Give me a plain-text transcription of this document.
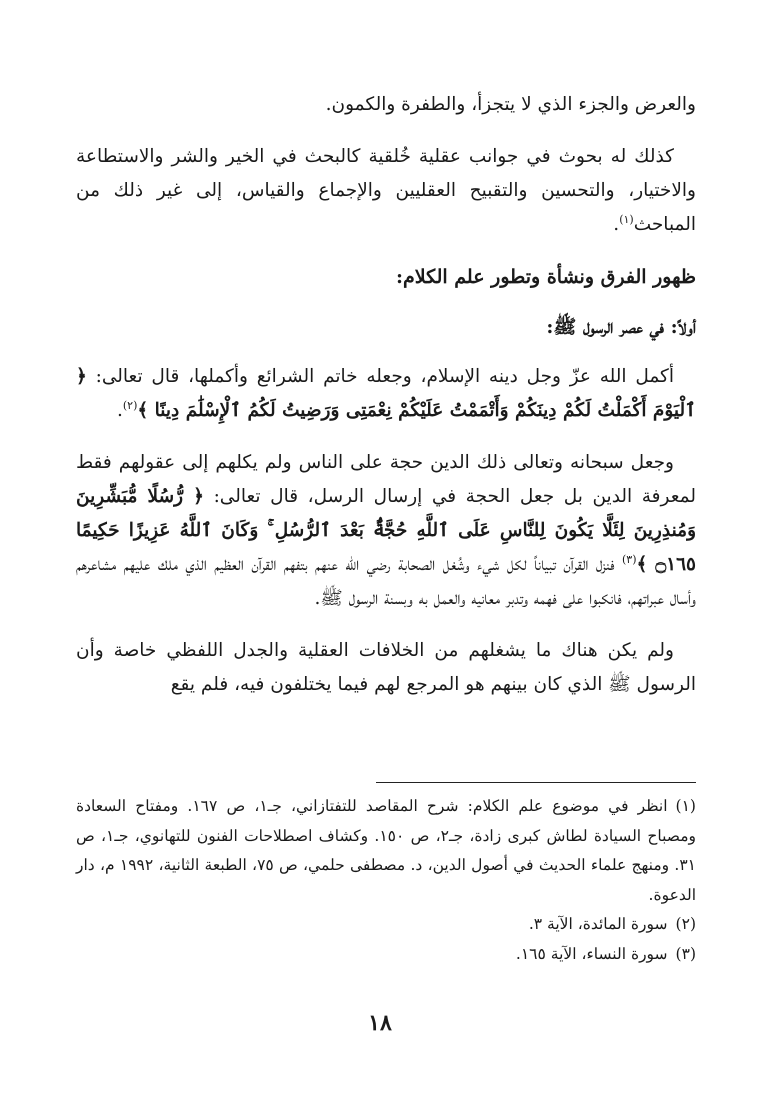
والعرض والجزء الذي لا يتجزأ، والطفرة والكمون.

كذلك له بحوث في جوانب عقلية خُلقية كالبحث في الخير والشر والاستطاعة والاختيار، والتحسين والتقبيح العقليين والإجماع والقياس، إلى غير ذلك من المباحث$^{(١)}$.

ظهور الفرق ونشأة وتطور علم الكلام:
أولاً: في عصر الرسول ﷺ:

أكمل الله عزّ وجل دينه الإسلام، وجعله خاتم الشرائع وأكملها، قال تعالى: ﴿ ٱلْيَوْمَ أَكْمَلْتُ لَكُمْ دِينَكُمْ وَأَتْمَمْتُ عَلَيْكُمْ نِعْمَتِى وَرَضِيتُ لَكُمُ ٱلْإِسْلَٰمَ دِينًا ﴾$^{(٢)}$.

وجعل سبحانه وتعالى ذلك الدين حجة على الناس ولم يكلهم إلى عقولهم فقط لمعرفة الدين بل جعل الحجة في إرسال الرسل، قال تعالى: ﴿ رُّسُلًا مُّبَشِّرِينَ وَمُنذِرِينَ لِئَلَّا يَكُونَ لِلنَّاسِ عَلَى ٱللَّهِ حُجَّةٌۢ بَعْدَ ٱلرُّسُلِ ۚ وَكَانَ ٱللَّهُ عَزِيزًا حَكِيمًا ۝١٦٥ ﴾$^{(٣)}$ فنزل القرآن تبياناً لكل شيء وشُغل الصحابة رضي الله عنهم بتفهم القرآن العظيم الذي ملك عليهم مشاعرهم وأسال عبراتهم، فانكبوا على فهمه وتدبر معانيه والعمل به وبسنة الرسول ﷺ.

ولم يكن هناك ما يشغلهم من الخلافات العقلية والجدل اللفظي خاصة وأن الرسول ﷺ الذي كان بينهم هو المرجع لهم فيما يختلفون فيه، فلم يقع

(١)انظر في موضوع علم الكلام: شرح المقاصد للتفتازاني، جـ١، ص ١٦٧. ومفتاح السعادة ومصباح السيادة لطاش كبرى زادة، جـ٢، ص ١٥٠. وكشاف اصطلاحات الفنون للتهانوي، جـ١، ص ٣١. ومنهج علماء الحديث في أصول الدين، د. مصطفى حلمي، ص ٧٥، الطبعة الثانية، ١٩٩٢ م، دار الدعوة.

(٢)سورة المائدة، الآية ٣.

(٣)سورة النساء، الآية ١٦٥.

١٨
